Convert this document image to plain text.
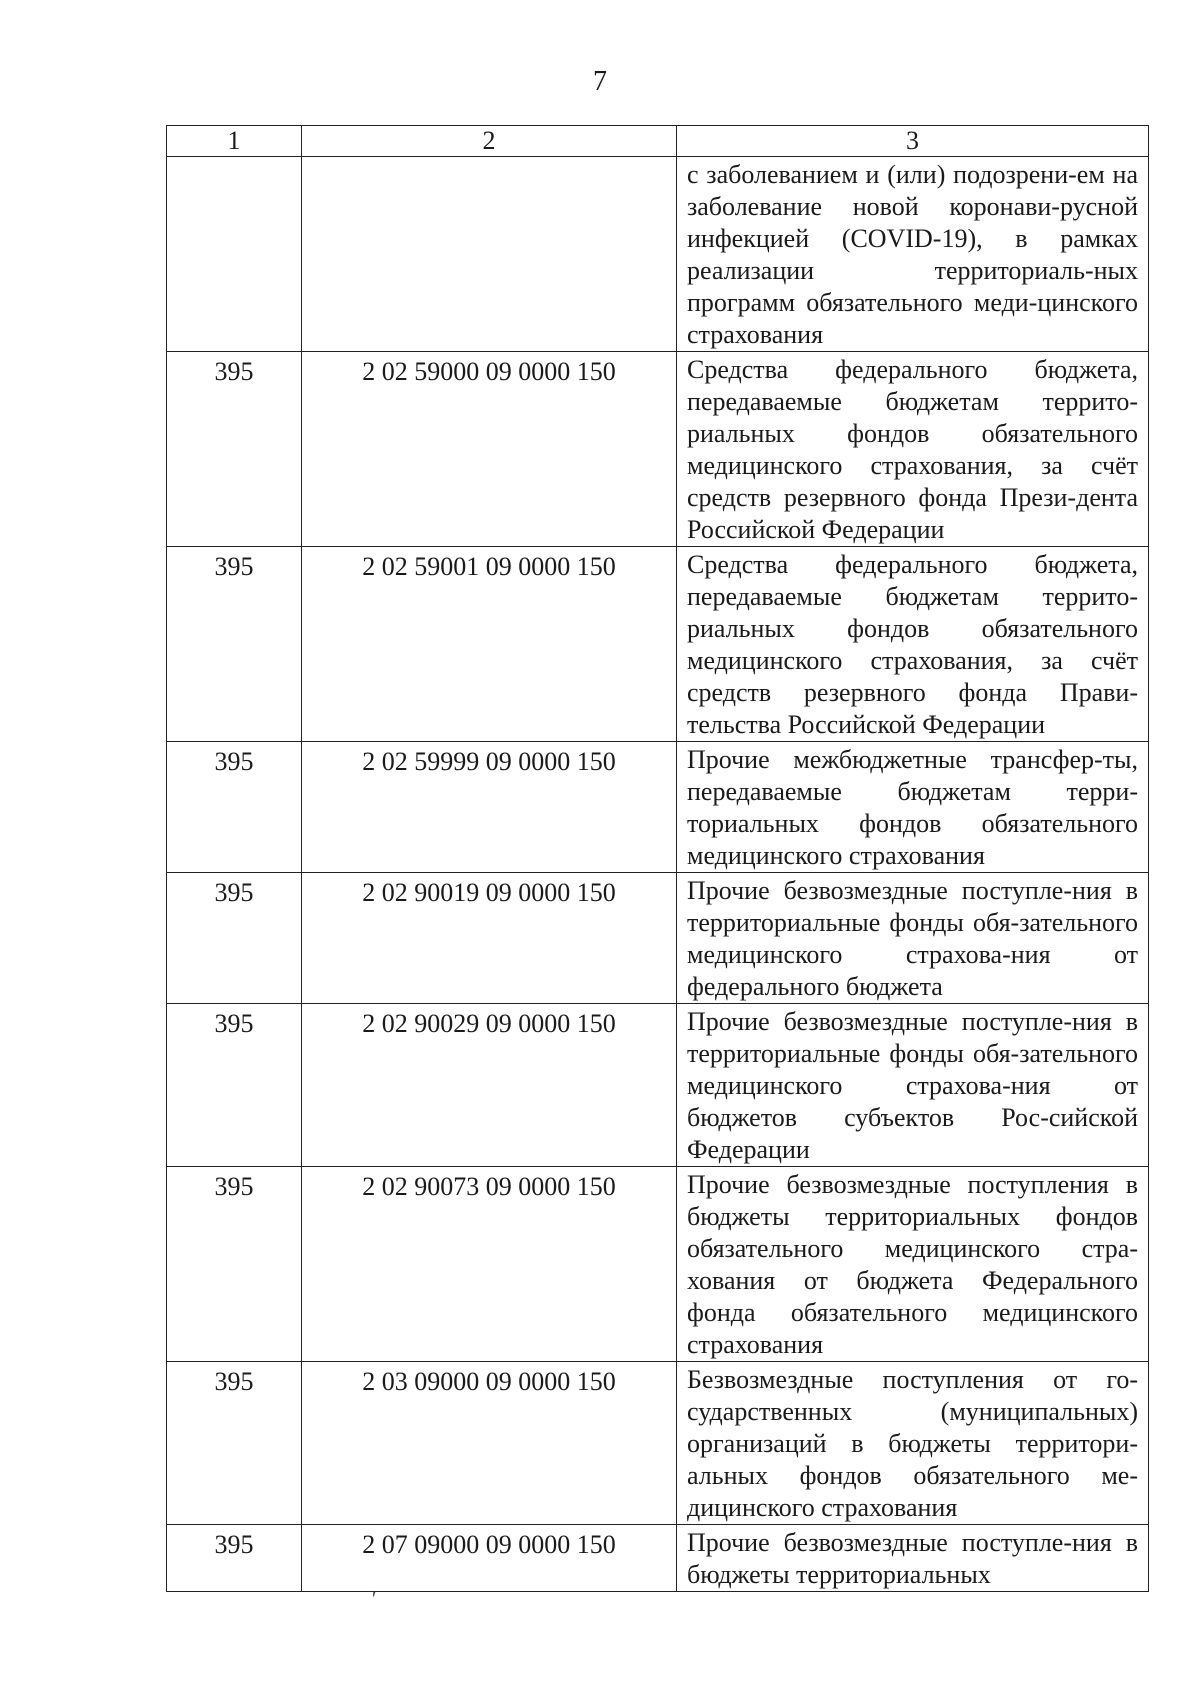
7
1	2	3
		с заболеванием и (или) подозрени-ем на заболевание новой коронави-русной инфекцией (COVID-19), в рамках реализации территориаль-ных программ обязательного меди-цинского страхования
395	2 02 59000 09 0000 150	Средства федерального бюджета, передаваемые бюджетам террито-риальных фондов обязательного медицинского страхования, за счёт средств резервного фонда Прези-дента Российской Федерации
395	2 02 59001 09 0000 150	Средства федерального бюджета, передаваемые бюджетам террито-риальных фондов обязательного медицинского страхования, за счёт средств резервного фонда Прави-тельства Российской Федерации
395	2 02 59999 09 0000 150	Прочие межбюджетные трансфер-ты, передаваемые бюджетам терри-ториальных фондов обязательного медицинского страхования
395	2 02 90019 09 0000 150	Прочие безвозмездные поступле-ния в территориальные фонды обя-зательного медицинского страхова-ния от федерального бюджета
395	2 02 90029 09 0000 150	Прочие безвозмездные поступле-ния в территориальные фонды обя-зательного медицинского страхова-ния от бюджетов субъектов Рос-сийской Федерации
395	2 02 90073 09 0000 150	Прочие безвозмездные поступления в бюджеты территориальных фондов обязательного медицинского стра-хования от бюджета Федерального фонда обязательного медицинского страхования
395	2 03 09000 09 0000 150	Безвозмездные поступления от го-сударственных (муниципальных) организаций в бюджеты территори-альных фондов обязательного ме-дицинского страхования
395	2 07 09000 09 0000 150	Прочие безвозмездные поступле-ния в бюджеты территориальных
ʹ
